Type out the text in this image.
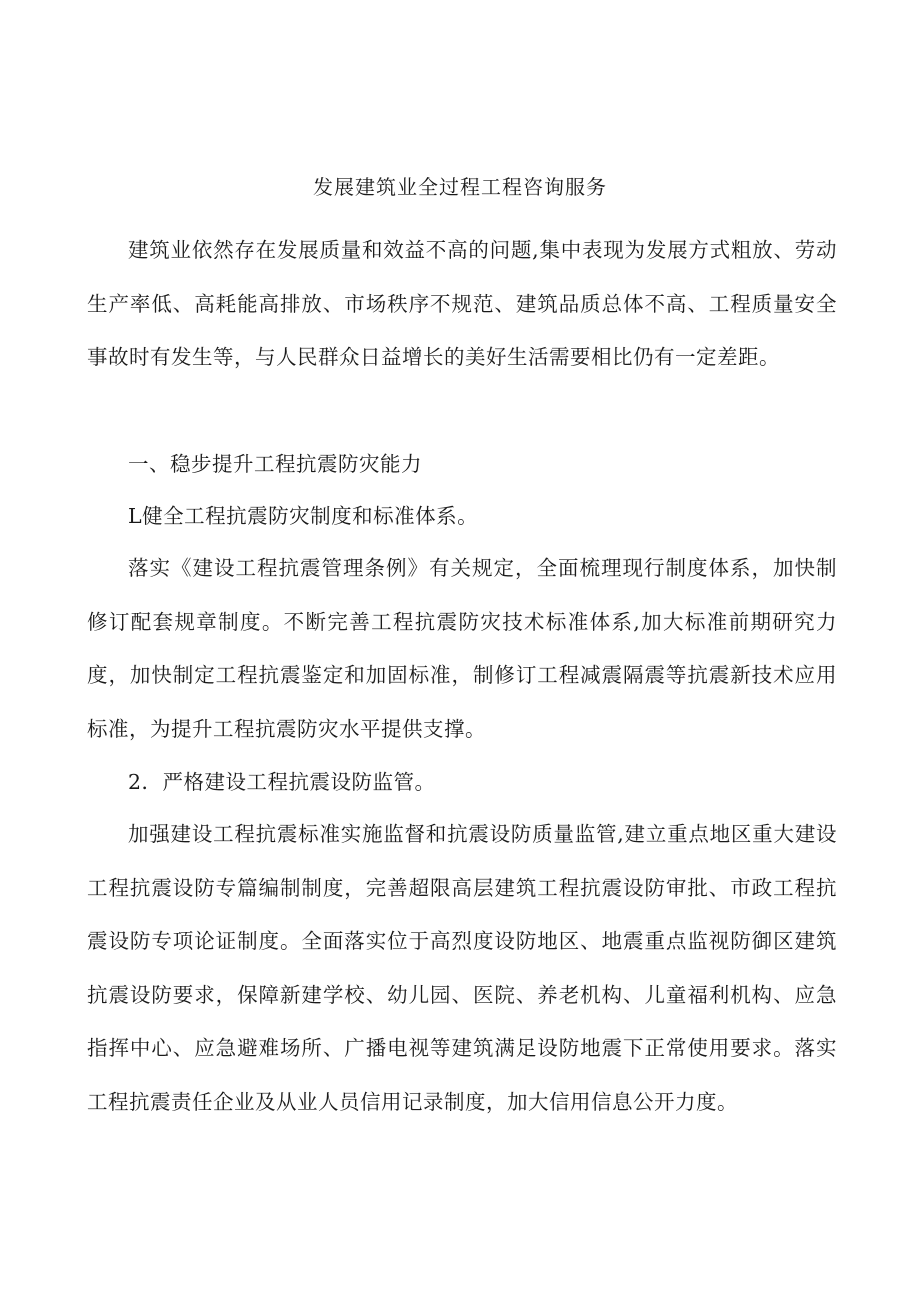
发展建筑业全过程工程咨询服务

建筑业依然存在发展质量和效益不高的问题,集中表现为发展方式粗放、劳动生产率低、高耗能高排放、市场秩序不规范、建筑品质总体不高、工程质量安全事故时有发生等，与人民群众日益增长的美好生活需要相比仍有一定差距。

一、稳步提升工程抗震防灾能力

L健全工程抗震防灾制度和标准体系。

落实《建设工程抗震管理条例》有关规定，全面梳理现行制度体系，加快制修订配套规章制度。不断完善工程抗震防灾技术标准体系,加大标准前期研究力度，加快制定工程抗震鉴定和加固标准，制修订工程减震隔震等抗震新技术应用标准，为提升工程抗震防灾水平提供支撑。

2．严格建设工程抗震设防监管。

加强建设工程抗震标准实施监督和抗震设防质量监管,建立重点地区重大建设工程抗震设防专篇编制制度，完善超限高层建筑工程抗震设防审批、市政工程抗震设防专项论证制度。全面落实位于高烈度设防地区、地震重点监视防御区建筑抗震设防要求，保障新建学校、幼儿园、医院、养老机构、儿童福利机构、应急指挥中心、应急避难场所、广播电视等建筑满足设防地震下正常使用要求。落实工程抗震责任企业及从业人员信用记录制度，加大信用信息公开力度。
